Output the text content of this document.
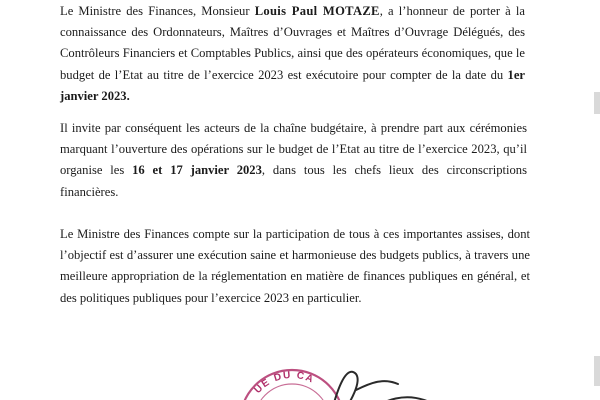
Le Ministre des Finances, Monsieur Louis Paul MOTAZE, a l’honneur de porter à la connaissance des Ordonnateurs, Maîtres d’Ouvrages et Maîtres d’Ouvrage Délégués, des Contrôleurs Financiers et Comptables Publics, ainsi que des opérateurs économiques, que le budget de l’Etat au titre de l’exercice 2023 est exécutoire pour compter de la date du 1er janvier 2023.

Il invite par conséquent les acteurs de la chaîne budgétaire, à prendre part aux cérémonies marquant l’ouverture des opérations sur le budget de l’Etat au titre de l’exercice 2023, qu’il organise les 16 et 17 janvier 2023, dans tous les chefs lieux des circonscriptions financières.

Le Ministre des Finances compte sur la participation de tous à ces importantes assises, dont l’objectif est d’assurer une exécution saine et harmonieuse des budgets publics, à travers une meilleure appropriation de la réglementation en matière de finances publiques en général, et des politiques publiques pour l’exercice 2023 en particulier.

UE DU CA
